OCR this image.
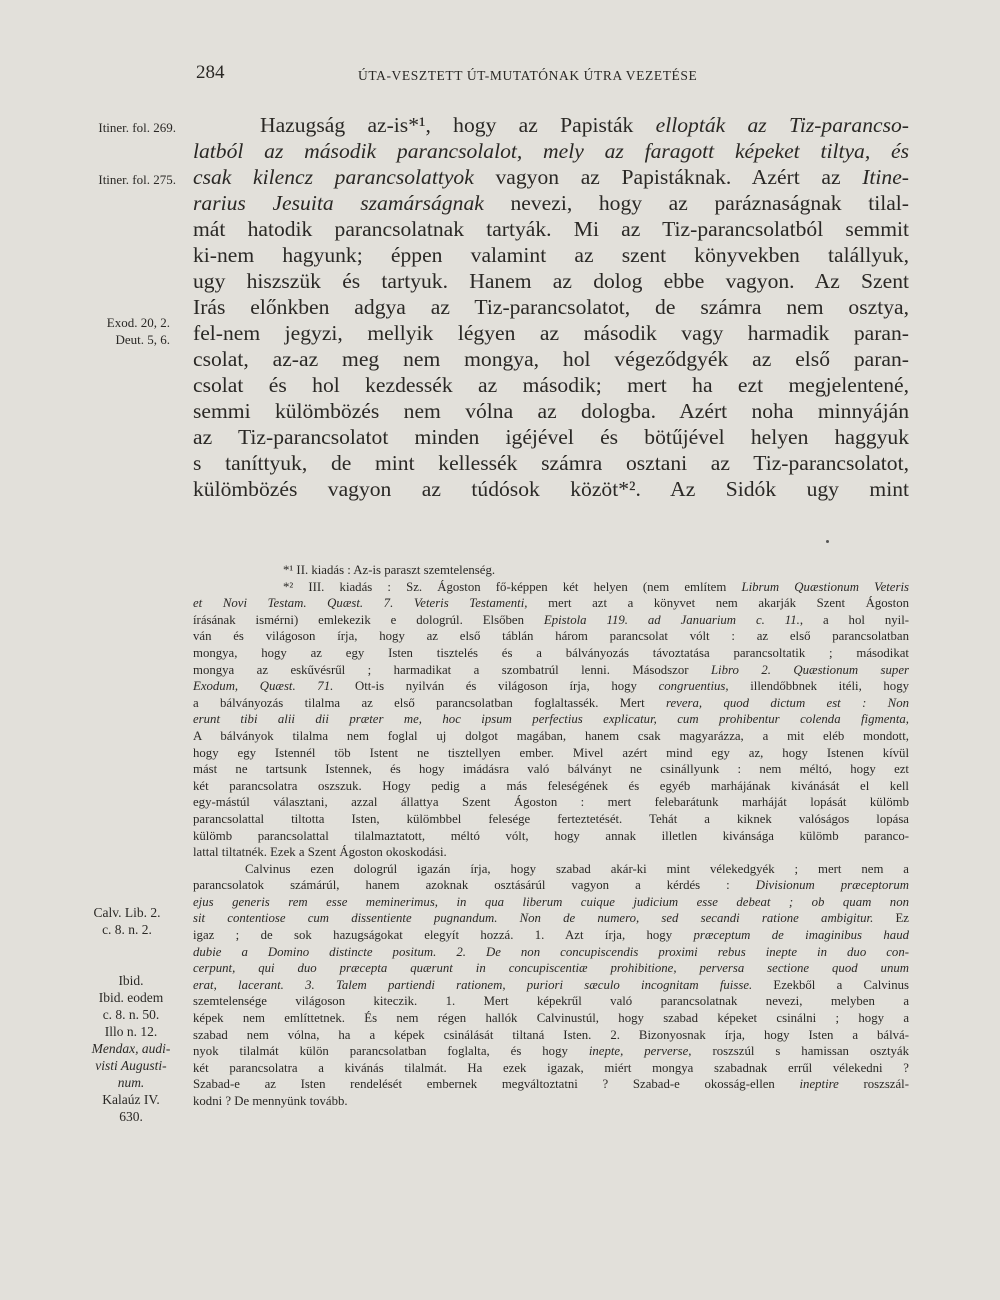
284	ÚTA-VESZTETT ÚT-MUTATÓNAK ÚTRA VEZETÉSE
Itiner. fol. 269.
Itiner. fol. 275.
Exod. 20, 2.
Deut. 5, 6.
Hazugság az-is*¹, hogy az Papisták ellopták az Tiz-parancso-
latból az második parancsolalot, mely az faragott képeket tiltya, és
csak kilencz parancsolattyok vagyon az Papistáknak. Azért az Itine-
rarius Jesuita szamárságnak nevezi, hogy az paráznaságnak tilal-
mát hatodik parancsolatnak tartyák. Mi az Tiz-parancsolatból semmit
ki-nem hagyunk; éppen valamint az szent könyvekben talállyuk,
ugy hiszszük és tartyuk. Hanem az dolog ebbe vagyon. Az Szent
Irás előnkben adgya az Tiz-parancsolatot, de számra nem osztya,
fel-nem jegyzi, mellyik légyen az második vagy harmadik paran-
csolat, az-az meg nem mongya, hol végeződgyék az első paran-
csolat és hol kezdessék az második; mert ha ezt megjelentené,
semmi külömbözés nem vólna az dologba. Azért noha minnyáján
az Tiz-parancsolatot minden igéjével és bötűjével helyen haggyuk
s taníttyuk, de mint kellessék számra osztani az Tiz-parancsolatot,
külömbözés vagyon az túdósok közöt*². Az Sidók ugy mint
*¹ II. kiadás : Az-is paraszt szemtelenség.
*² III. kiadás : Sz. Ágoston fő-képpen két helyen (nem említem Librum Quæstionum Veteris
et Novi Testam. Quæst. 7. Veteris Testamenti, mert azt a könyvet nem akarják Szent Ágoston
írásának ismérni) emlekezik e dologrúl. Elsőben Epistola 119. ad Januarium c. 11., a hol nyil-
ván és világoson írja, hogy az első táblán három parancsolat vólt : az első parancsolatban
mongya, hogy az egy Isten tisztelés és a bálványozás távoztatása parancsoltatik ; másodikat
mongya az eskűvésrűl ; harmadikat a szombatrúl lenni. Másodszor Libro 2. Quæstionum super
Exodum, Quæst. 71. Ott-is nyilván és világoson írja, hogy congruentius, illendőbbnek itéli, hogy
a bálványozás tilalma az első parancsolatban foglaltassék. Mert revera, quod dictum est : Non
erunt tibi alii dii præter me, hoc ipsum perfectius explicatur, cum prohibentur colenda figmenta,
A bálványok tilalma nem foglal uj dolgot magában, hanem csak magyarázza, a mit eléb mondott,
hogy egy Istennél töb Istent ne tisztellyen ember. Mivel azért mind egy az, hogy Istenen kívül
mást ne tartsunk Istennek, és hogy imádásra való bálványt ne csinállyunk : nem méltó, hogy ezt
két parancsolatra oszszuk. Hogy pedig a más feleségének és egyéb marhájának kivánását el kell
egy-mástúl választani, azzal állattya Szent Ágoston : mert felebarátunk marháját lopását külömb
parancsolattal tiltotta Isten, külömbbel felesége ferteztetését. Tehát a kiknek valóságos lopása
külömb parancsolattal tilalmaztatott, méltó vólt, hogy annak illetlen kivánsága külömb paranco-
lattal tiltatnék. Ezek a Szent Ágoston okoskodási.
Calvinus ezen dologrúl igazán írja, hogy szabad akár-ki mint vélekedgyék ; mert nem a
parancsolatok számárúl, hanem azoknak osztásárúl vagyon a kérdés : Divisionum præceptorum
ejus generis rem esse meminerimus, in qua liberum cuique judicium esse debeat ; ob quam non
sit contentiose cum dissentiente pugnandum. Non de numero, sed secandi ratione ambigitur. Ez
igaz ; de sok hazugságokat elegyít hozzá. 1. Azt írja, hogy præceptum de imaginibus haud
dubie a Domino distincte positum. 2. De non concupiscendis proximi rebus inepte in duo con-
cerpunt, qui duo præcepta quærunt in concupiscentiæ prohibitione, perversa sectione quod unum
erat, lacerant. 3. Talem partiendi rationem, puriori sæculo incognitam fuisse. Ezekből a Calvinus
szemtelensége világoson kiteczik. 1. Mert képekrűl való parancsolatnak nevezi, melyben a
képek nem említtetnek. És nem régen hallók Calvinustúl, hogy szabad képeket csinálni ; hogy a
szabad nem vólna, ha a képek csinálását tiltaná Isten. 2. Bizonyosnak írja, hogy Isten a bálvá-
nyok tilalmát külön parancsolatban foglalta, és hogy inepte, perverse, roszszúl s hamissan osztyák
két parancsolatra a kivánás tilalmát. Ha ezek igazak, miért mongya szabadnak errűl vélekedni ?
Szabad-e az Isten rendelését embernek megváltoztatni ? Szabad-e okosság-ellen ineptire roszszál-
kodni ? De mennyünk tovább.
Calv. Lib. 2.
c. 8. n. 2.
Ibid.
Ibid. eodem
c. 8. n. 50.
Illo n. 12.
Mendax, audi-
visti Augusti-
num.
Kalaúz IV.
630.
